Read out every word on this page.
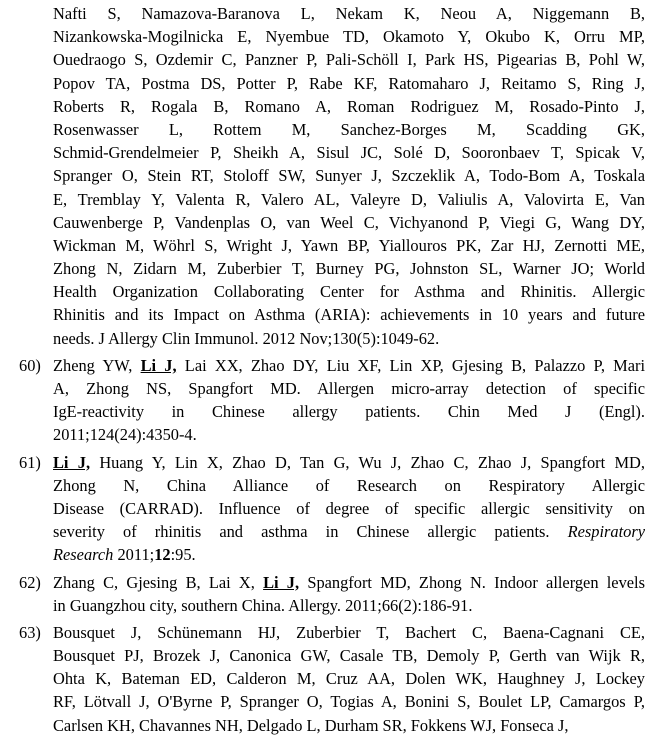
Nafti S, Namazova-Baranova L, Nekam K, Neou A, Niggemann B,
Nizankowska-Mogilnicka E, Nyembue TD, Okamoto Y, Okubo K, Orru MP,
Ouedraogo S, Ozdemir C, Panzner P, Pali-Schöll I, Park HS, Pigearias B, Pohl W,
Popov TA, Postma DS, Potter P, Rabe KF, Ratomaharo J, Reitamo S, Ring J,
Roberts R, Rogala B, Romano A, Roman Rodriguez M, Rosado-Pinto J,
Rosenwasser L, Rottem M, Sanchez-Borges M, Scadding GK,
Schmid-Grendelmeier P, Sheikh A, Sisul JC, Solé D, Sooronbaev T, Spicak V,
Spranger O, Stein RT, Stoloff SW, Sunyer J, Szczeklik A, Todo-Bom A, Toskala
E, Tremblay Y, Valenta R, Valero AL, Valeyre D, Valiulis A, Valovirta E, Van
Cauwenberge P, Vandenplas O, van Weel C, Vichyanond P, Viegi G, Wang DY,
Wickman M, Wöhrl S, Wright J, Yawn BP, Yiallouros PK, Zar HJ, Zernotti ME,
Zhong N, Zidarn M, Zuberbier T, Burney PG, Johnston SL, Warner JO; World
Health Organization Collaborating Center for Asthma and Rhinitis. Allergic
Rhinitis and its Impact on Asthma (ARIA): achievements in 10 years and future
needs. J Allergy Clin Immunol. 2012 Nov;130(5):1049-62.
60) Zheng YW, Li J, Lai XX, Zhao DY, Liu XF, Lin XP, Gjesing B, Palazzo P, Mari
A, Zhong NS, Spangfort MD. Allergen micro-array detection of specific
IgE-reactivity in Chinese allergy patients. Chin Med J (Engl).
2011;124(24):4350-4.
61) Li J, Huang Y, Lin X, Zhao D, Tan G, Wu J, Zhao C, Zhao J, Spangfort MD,
Zhong N, China Alliance of Research on Respiratory Allergic
Disease (CARRAD). Influence of degree of specific allergic sensitivity on
severity of rhinitis and asthma in Chinese allergic patients. Respiratory
Research 2011;12:95.
62) Zhang C, Gjesing B, Lai X, Li J, Spangfort MD, Zhong N. Indoor allergen levels
in Guangzhou city, southern China. Allergy. 2011;66(2):186-91.
63) Bousquet J, Schünemann HJ, Zuberbier T, Bachert C, Baena-Cagnani CE,
Bousquet PJ, Brozek J, Canonica GW, Casale TB, Demoly P, Gerth van Wijk R,
Ohta K, Bateman ED, Calderon M, Cruz AA, Dolen WK, Haughney J, Lockey
RF, Lötvall J, O'Byrne P, Spranger O, Togias A, Bonini S, Boulet LP, Camargos P,
Carlsen KH, Chavannes NH, Delgado L, Durham SR, Fokkens WJ, Fonseca J,
